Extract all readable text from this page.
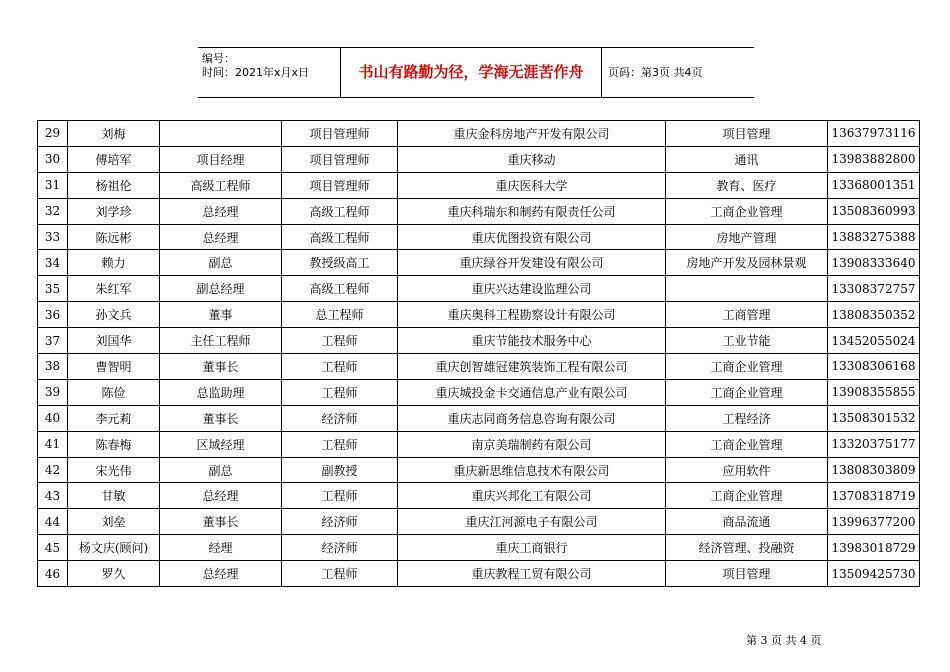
编号：
时间：2021年x月x日	书山有路勤为径，学海无涯苦作舟	页码：第3页 共4页
29	刘梅		项目管理师	重庆金科房地产开发有限公司	项目管理	13637973116
30	傅培军	项目经理	项目管理师	重庆移动	通讯	13983882800
31	杨祖伦	高级工程师	项目管理师	重庆医科大学	教育、医疗	13368001351
32	刘学珍	总经理	高级工程师	重庆科瑞东和制药有限责任公司	工商企业管理	13508360993
33	陈远彬	总经理	高级工程师	重庆优图投资有限公司	房地产管理	13883275388
34	赖力	副总	教授级高工	重庆绿谷开发建设有限公司	房地产开发及园林景观	13908333640
35	朱红军	副总经理	高级工程师	重庆兴达建设监理公司		13308372757
36	孙文兵	董事	总工程师	重庆奥科工程勘察设计有限公司	工商管理	13808350352
37	刘国华	主任工程师	工程师	重庆节能技术服务中心	工业节能	13452055024
38	曹智明	董事长	工程师	重庆创智雄冠建筑装饰工程有限公司	工商企业管理	13308306168
39	陈俭	总监助理	工程师	重庆城投金卡交通信息产业有限公司	工商企业管理	13908355855
40	李元莉	董事长	经济师	重庆志同商务信息咨询有限公司	工程经济	13508301532
41	陈春梅	区域经理	工程师	南京美瑞制药有限公司	工商企业管理	13320375177
42	宋光伟	副总	副教授	重庆新思维信息技术有限公司	应用软件	13808303809
43	甘敏	总经理	工程师	重庆兴邦化工有限公司	工商企业管理	13708318719
44	刘垒	董事长	经济师	重庆江河源电子有限公司	商品流通	13996377200
45	杨文庆(顾问)	经理	经济师	重庆工商银行	经济管理、投融资	13983018729
46	罗久	总经理	工程师	重庆教程工贸有限公司	项目管理	13509425730
第 3 页 共 4 页
